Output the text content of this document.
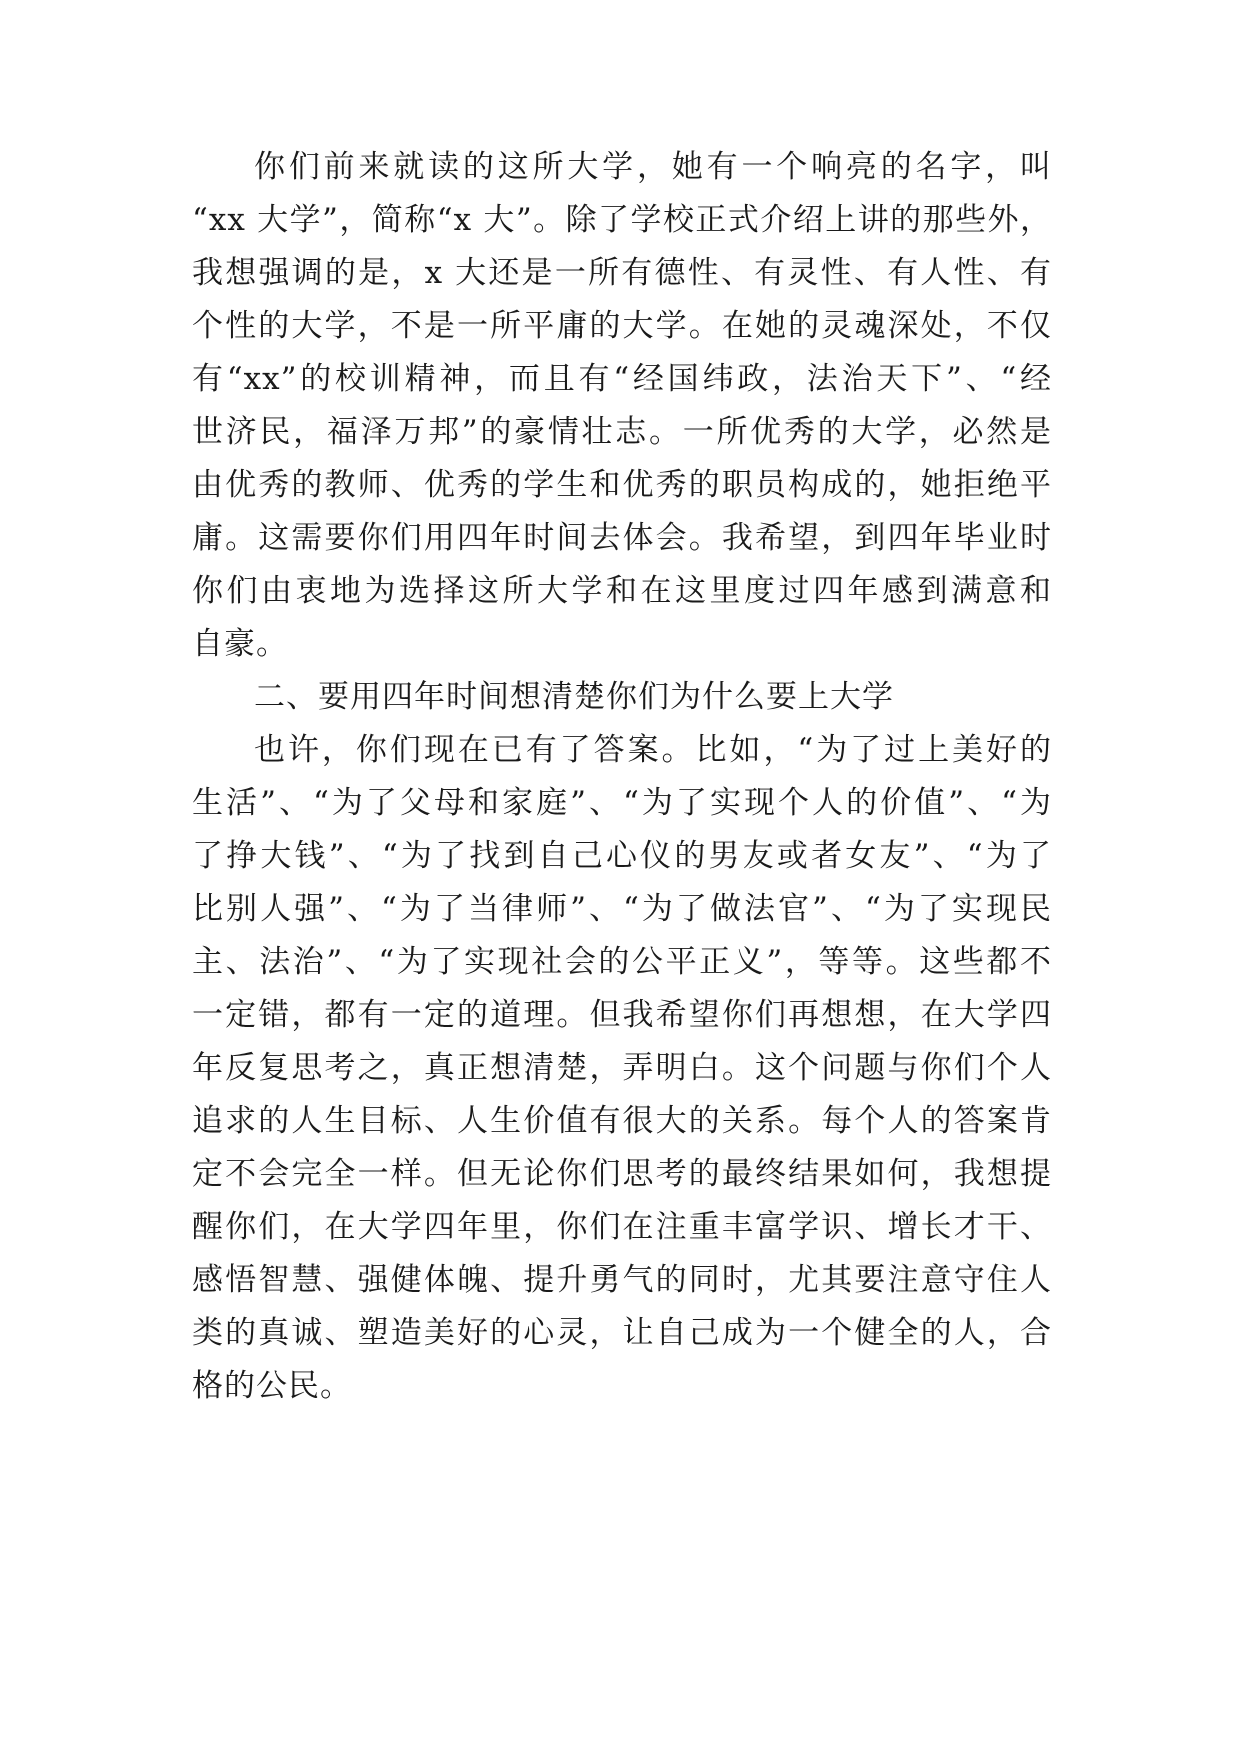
你们前来就读的这所大学，她有一个响亮的名字，叫
“xx 大学”，简称“x 大”。除了学校正式介绍上讲的那些外，
我想强调的是，x 大还是一所有德性、有灵性、有人性、有
个性的大学，不是一所平庸的大学。在她的灵魂深处，不仅
有“xx”的校训精神，而且有“经国纬政，法治天下”、“经
世济民，福泽万邦”的豪情壮志。一所优秀的大学，必然是
由优秀的教师、优秀的学生和优秀的职员构成的，她拒绝平
庸。这需要你们用四年时间去体会。我希望，到四年毕业时
你们由衷地为选择这所大学和在这里度过四年感到满意和
自豪。
二、要用四年时间想清楚你们为什么要上大学
也许，你们现在已有了答案。比如，“为了过上美好的
生活”、“为了父母和家庭”、“为了实现个人的价值”、“为
了挣大钱”、“为了找到自己心仪的男友或者女友”、“为了
比别人强”、“为了当律师”、“为了做法官”、“为了实现民
主、法治”、“为了实现社会的公平正义”，等等。这些都不
一定错，都有一定的道理。但我希望你们再想想，在大学四
年反复思考之，真正想清楚，弄明白。这个问题与你们个人
追求的人生目标、人生价值有很大的关系。每个人的答案肯
定不会完全一样。但无论你们思考的最终结果如何，我想提
醒你们，在大学四年里，你们在注重丰富学识、增长才干、
感悟智慧、强健体魄、提升勇气的同时，尤其要注意守住人
类的真诚、塑造美好的心灵，让自己成为一个健全的人，合
格的公民。
